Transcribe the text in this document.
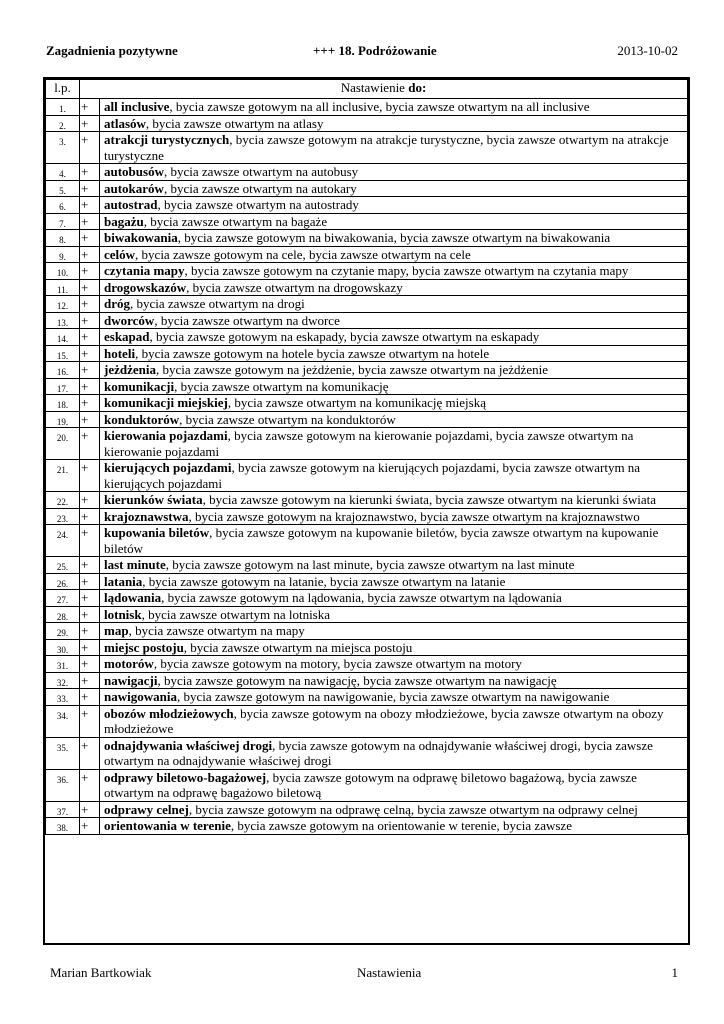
Zagadnienia pozytywne	+++ 18. Podróżowanie	2013-10-02
l.p.	Nastawienie do:	
1.	+	all inclusive, bycia zawsze gotowym na all inclusive, bycia zawsze otwartym na all inclusive
2.	+	atlasów, bycia zawsze otwartym na atlasy
3.	+	atrakcji turystycznych, bycia zawsze gotowym na atrakcje turystyczne, bycia zawsze otwartym na atrakcje turystyczne
4.	+	autobusów, bycia zawsze otwartym na autobusy
5.	+	autokarów, bycia zawsze otwartym na autokary
6.	+	autostrad, bycia zawsze otwartym na autostrady
7.	+	bagażu, bycia zawsze otwartym na bagaże
8.	+	biwakowania, bycia zawsze gotowym na biwakowania, bycia zawsze otwartym na biwakowania
9.	+	celów, bycia zawsze gotowym na cele, bycia zawsze otwartym na cele
10.	+	czytania mapy, bycia zawsze gotowym na czytanie mapy, bycia zawsze otwartym na czytania mapy
11.	+	drogowskazów, bycia zawsze otwartym na drogowskazy
12.	+	dróg, bycia zawsze otwartym na drogi
13.	+	dworców, bycia zawsze otwartym na dworce
14.	+	eskapad, bycia zawsze gotowym na eskapady, bycia zawsze otwartym na eskapady
15.	+	hoteli, bycia zawsze gotowym na hotele bycia zawsze otwartym na hotele
16.	+	jeżdżenia, bycia zawsze gotowym na jeżdżenie, bycia zawsze otwartym na jeżdżenie
17.	+	komunikacji, bycia zawsze otwartym na komunikację
18.	+	komunikacji miejskiej, bycia zawsze otwartym na komunikację miejską
19.	+	konduktorów, bycia zawsze otwartym na konduktorów
20.	+	kierowania pojazdami, bycia zawsze gotowym na kierowanie pojazdami, bycia zawsze otwartym na kierowanie pojazdami
21.	+	kierujących pojazdami, bycia zawsze gotowym na kierujących pojazdami, bycia zawsze otwartym na kierujących pojazdami
22.	+	kierunków świata, bycia zawsze gotowym na kierunki świata, bycia zawsze otwartym na kierunki świata
23.	+	krajoznawstwa, bycia zawsze gotowym na krajoznawstwo, bycia zawsze otwartym na krajoznawstwo
24.	+	kupowania biletów, bycia zawsze gotowym na kupowanie biletów, bycia zawsze otwartym na kupowanie biletów
25.	+	last minute, bycia zawsze gotowym na last minute, bycia zawsze otwartym na last minute
26.	+	latania, bycia zawsze gotowym na latanie, bycia zawsze otwartym na latanie
27.	+	lądowania, bycia zawsze gotowym na lądowania, bycia zawsze otwartym na lądowania
28.	+	lotnisk, bycia zawsze otwartym na lotniska
29.	+	map, bycia zawsze otwartym na mapy
30.	+	miejsc postoju, bycia zawsze otwartym na miejsca postoju
31.	+	motorów, bycia zawsze gotowym na motory, bycia zawsze otwartym na motory
32.	+	nawigacji, bycia zawsze gotowym na nawigację, bycia zawsze otwartym na nawigację
33.	+	nawigowania, bycia zawsze gotowym na nawigowanie, bycia zawsze otwartym na nawigowanie
34.	+	obozów młodzieżowych, bycia zawsze gotowym na obozy młodzieżowe, bycia zawsze otwartym na obozy młodzieżowe
35.	+	odnajdywania właściwej drogi, bycia zawsze gotowym na odnajdywanie właściwej drogi, bycia zawsze otwartym na odnajdywanie właściwej drogi
36.	+	odprawy biletowo-bagażowej, bycia zawsze gotowym na odprawę biletowo bagażową, bycia zawsze otwartym na odprawę bagażowo biletową
37.	+	odprawy celnej, bycia zawsze gotowym na odprawę celną, bycia zawsze otwartym na odprawy celnej
38.	+	orientowania w terenie, bycia zawsze gotowym na orientowanie w terenie, bycia zawsze
Marian Bartkowiak	Nastawienia	1
